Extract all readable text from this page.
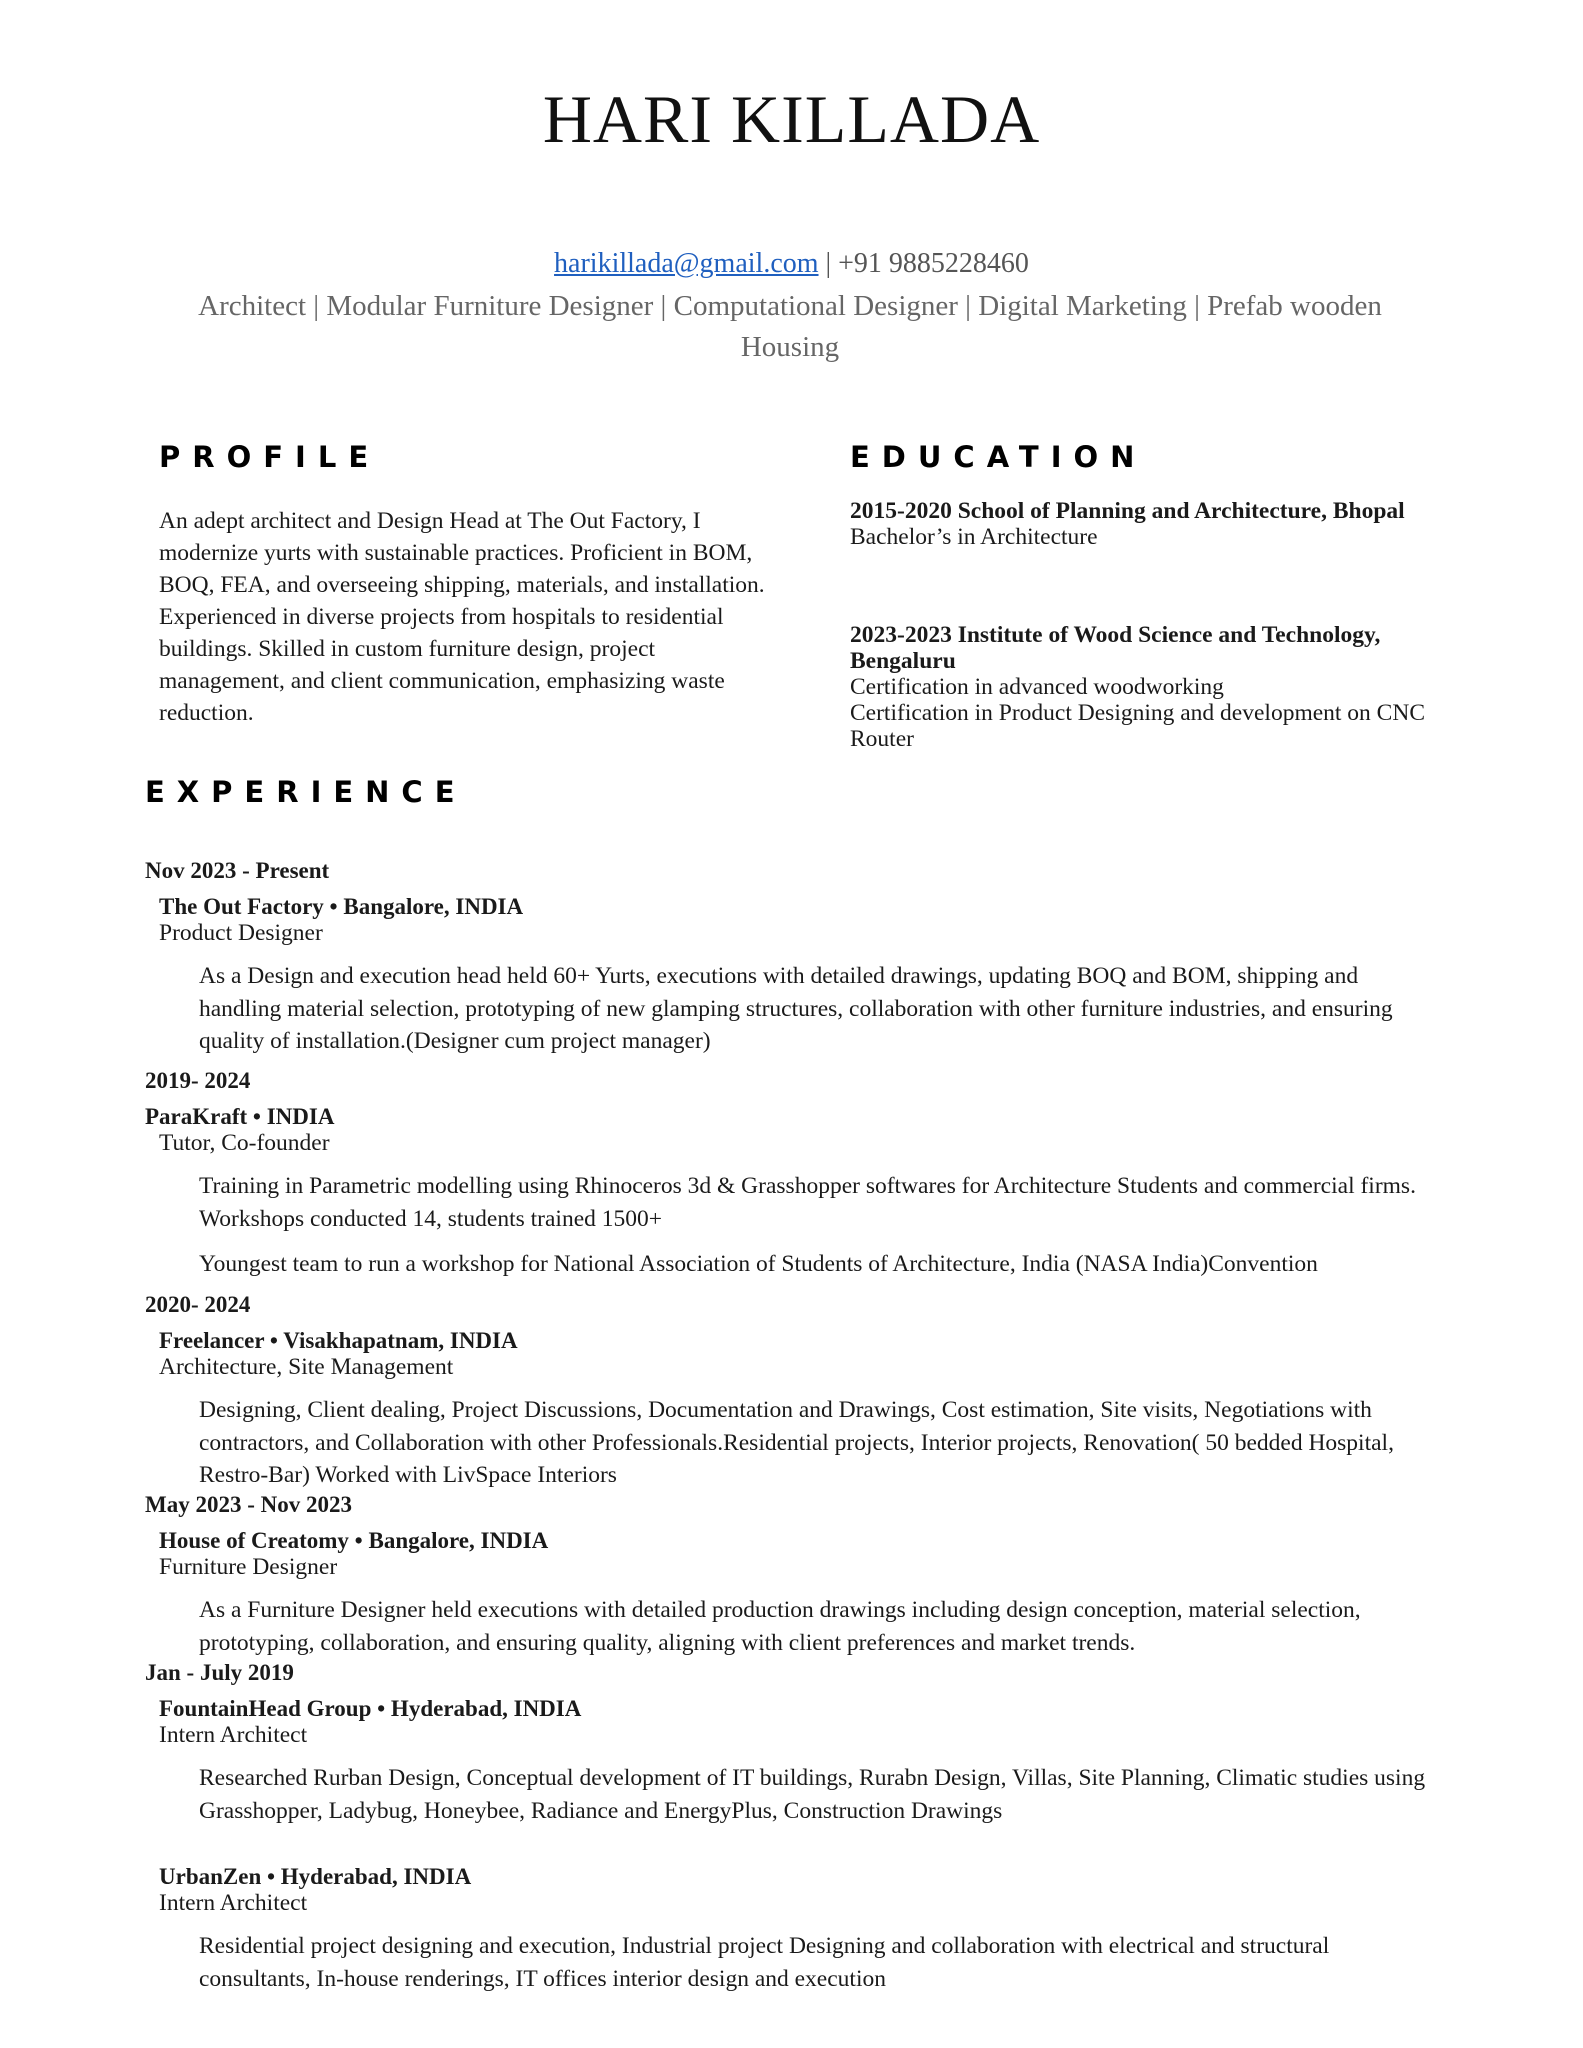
HARI KILLADA
harikillada@gmail.com | +91 9885228460
Architect | Modular Furniture Designer | Computational Designer | Digital Marketing | Prefab wooden Housing
PROFILE
An adept architect and Design Head at The Out Factory, I modernize yurts with sustainable practices. Proficient in BOM, BOQ, FEA, and overseeing shipping, materials, and installation. Experienced in diverse projects from hospitals to residential buildings. Skilled in custom furniture design, project management, and client communication, emphasizing waste reduction.
EDUCATION
2015-2020 School of Planning and Architecture, Bhopal
Bachelor’s in Architecture
2023-2023 Institute of Wood Science and Technology, Bengaluru
Certification in advanced woodworking
Certification in Product Designing and development on CNC Router
EXPERIENCE
Nov 2023 - Present
The Out Factory • Bangalore, INDIA
Product Designer
As a Design and execution head held 60+ Yurts, executions with detailed drawings, updating BOQ and BOM, shipping and handling material selection, prototyping of new glamping structures, collaboration with other furniture industries, and ensuring quality of installation.(Designer cum project manager)
2019- 2024
ParaKraft • INDIA
Tutor, Co-founder
Training in Parametric modelling using Rhinoceros 3d & Grasshopper softwares for Architecture Students and commercial firms. Workshops conducted 14, students trained 1500+
Youngest team to run a workshop for National Association of Students of Architecture, India (NASA India)Convention
2020- 2024
Freelancer • Visakhapatnam, INDIA
Architecture, Site Management
Designing, Client dealing, Project Discussions, Documentation and Drawings, Cost estimation, Site visits, Negotiations with contractors, and Collaboration with other Professionals.Residential projects, Interior projects, Renovation( 50 bedded Hospital, Restro-Bar) Worked with LivSpace Interiors
May 2023 - Nov 2023
House of Creatomy • Bangalore, INDIA
Furniture Designer
As a Furniture Designer held executions with detailed production drawings including design conception, material selection, prototyping, collaboration, and ensuring quality, aligning with client preferences and market trends.
Jan - July 2019
FountainHead Group • Hyderabad, INDIA
Intern Architect
Researched Rurban Design, Conceptual development of IT buildings, Rurabn Design, Villas, Site Planning, Climatic studies using Grasshopper, Ladybug, Honeybee, Radiance and EnergyPlus, Construction Drawings
UrbanZen • Hyderabad, INDIA
Intern Architect
Residential project designing and execution, Industrial project Designing and collaboration with electrical and structural consultants, In-house renderings, IT offices interior design and execution
